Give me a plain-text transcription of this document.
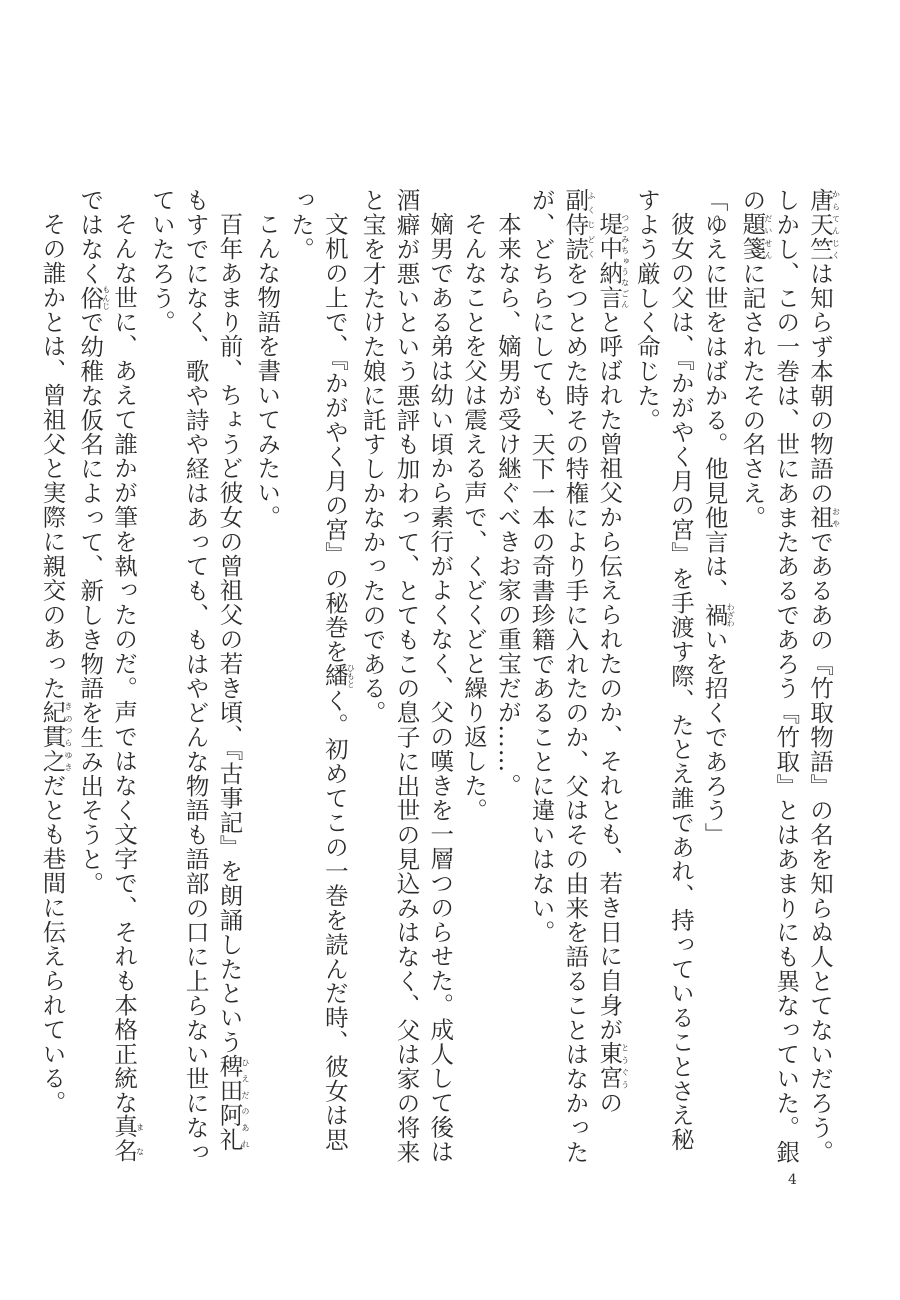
唐天竺からてんじくは知らず本朝の物語の祖おやであるあの『竹取物語』の名を知らぬ人とてないだろう。しかし、この一巻は、世にあまたあるであろう『竹取』とはあまりにも異なっていた。銀の題箋だいせんに記されたその名さえ。

「ゆえに世をはばかる。他見他言は、禍わざわいを招くであろう」

彼女の父は、『かがやく月の宮』を手渡す際、たとえ誰であれ、持っていることさえ秘すよう厳しく命じた。

堤中納言つつみちゅうなごんと呼ばれた曾祖父から伝えられたのか、それとも、若き日に自身が東宮とうぐうの副侍読ふくじどくをつとめた時その特権により手に入れたのか、父はその由来を語ることはなかったが、どちらにしても、天下一本の奇書珍籍であることに違いはない。

本来なら、嫡男が受け継ぐべきお家の重宝だが……。

そんなことを父は震える声で、くどくどと繰り返した。

嫡男である弟は幼い頃から素行がよくなく、父の嘆きを一層つのらせた。成人して後は酒癖が悪いという悪評も加わって、とてもこの息子に出世の見込みはなく、父は家の将来と宝を才たけた娘に託すしかなかったのである。

文机の上で、『かがやく月の宮』の秘巻を繙ひもとく。初めてこの一巻を読んだ時、彼女は思った。

こんな物語を書いてみたい。

百年あまり前、ちょうど彼女の曾祖父の若き頃、『古事記』を朗誦したという稗田阿礼ひえだのあれもすでになく、歌や詩や経はあっても、もはやどんな物語も語部の口に上らない世になっていたろう。

そんな世に、あえて誰かが筆を執ったのだ。声ではなく文字で、それも本格正統な真名まなではなく俗もんじで幼稚な仮名によって、新しき物語を生み出そうと。

その誰かとは、曾祖父と実際に親交のあった紀貫之きのつらゆきだとも巷間に伝えられている。

4
